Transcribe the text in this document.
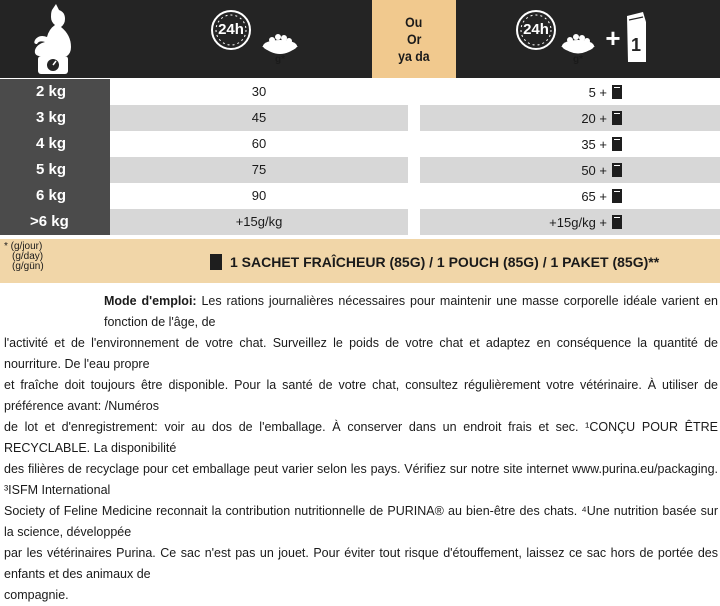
24h
g*
Ou
Or
ya da
24h
g*
+ 1
2 kg	30	5 +
3 kg	45	20 +
4 kg	60	35 +
5 kg	75	50 +
6 kg	90	65 +
>6 kg	+15g/kg	+15g/kg +
* (g/jour)
(g/day)
(g/gün)	1 SACHET FRAÎCHEUR (85G) / 1 POUCH (85G) / 1 PAKET (85G)**
Mode d'emploi: Les rations journalières nécessaires pour maintenir une masse corporelle idéale varient en fonction de l'âge, de
l'activité et de l'environnement de votre chat. Surveillez le poids de votre chat et adaptez en conséquence la quantité de nourriture. De l'eau propre
et fraîche doit toujours être disponible. Pour la santé de votre chat, consultez régulièrement votre vétérinaire. À utiliser de préférence avant: /Numéros
de lot et d'enregistrement: voir au dos de l'emballage. À conserver dans un endroit frais et sec. ¹CONÇU POUR ÊTRE RECYCLABLE. La disponibilité
des filières de recyclage pour cet emballage peut varier selon les pays. Vérifiez sur notre site internet www.purina.eu/packaging. ³ISFM International
Society of Feline Medicine reconnait la contribution nutritionnelle de PURINA® au bien-être des chats. ⁴Une nutrition basée sur la science, développée
par les vétérinaires Purina. Ce sac n'est pas un jouet. Pour éviter tout risque d'étouffement, laissez ce sac hors de portée des enfants et des animaux de
compagnie.
